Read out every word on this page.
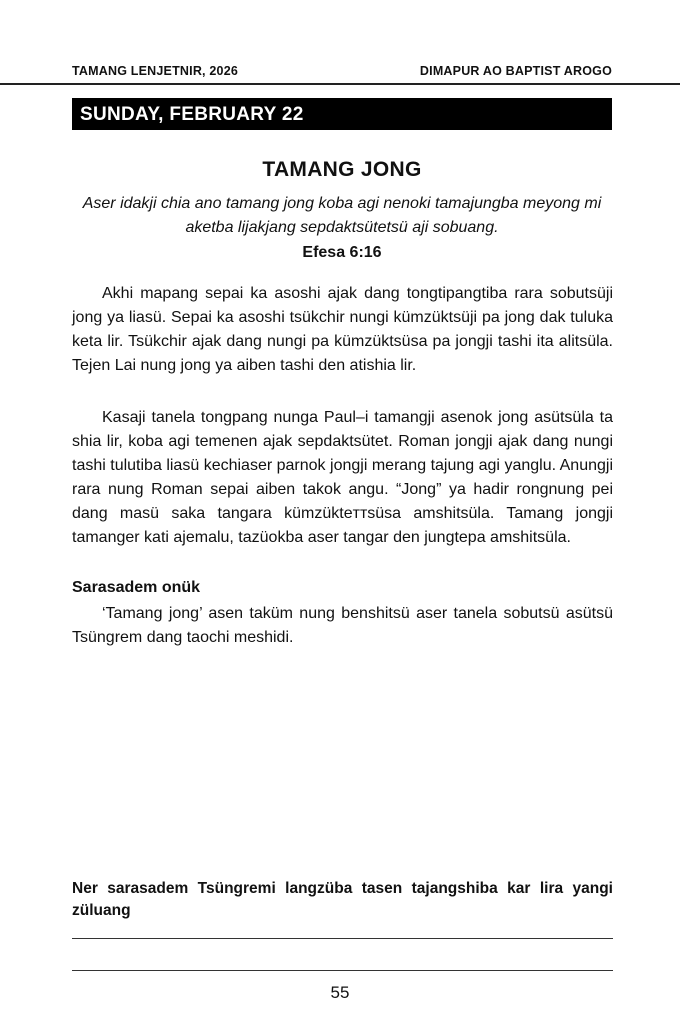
TAMANG LENJETNIR, 2026	DIMAPUR AO BAPTIST AROGO
SUNDAY, FEBRUARY 22
TAMANG JONG
Aser idakji chia ano tamang jong koba agi nenoki tamajungba meyong mi aketba lijakjang sepdaktsütetsü aji sobuang.
Efesa 6:16

Akhi mapang sepai ka asoshi ajak dang tongtipangtiba rara sobutsüji jong ya liasü. Sepai ka asoshi tsükchir nungi kümzüktsüji pa jong dak tuluka keta lir. Tsükchir ajak dang nungi pa kümzüktsüsa pa jongji tashi ita alitsüla. Tejen Lai nung jong ya aiben tashi den atishia lir.

Kasaji tanela tongpang nunga Paul–i tamangji asenok jong asütsüla ta shia lir, koba agi temenen ajak sepdaktsütet. Roman jongji ajak dang nungi tashi tulutiba liasü kechiaser parnok jongji merang tajung agi yanglu. Anungji rara nung Roman sepai aiben takok angu. “Jong” ya hadir rongnung pei dang masü saka tangara kümzükteттsüsa amshitsüla. Tamang jongji tamanger kati ajemalu, tazüokba aser tangar den jungtepa amshitsüla.

Sarasadem onük

‘Tamang jong’ asen taküm nung benshitsü aser tanela sobutsü asütsü Tsüngrem dang taochi meshidi.

Ner sarasadem Tsüngremi langzüba tasen tajangshiba kar lira yangi züluang
55
